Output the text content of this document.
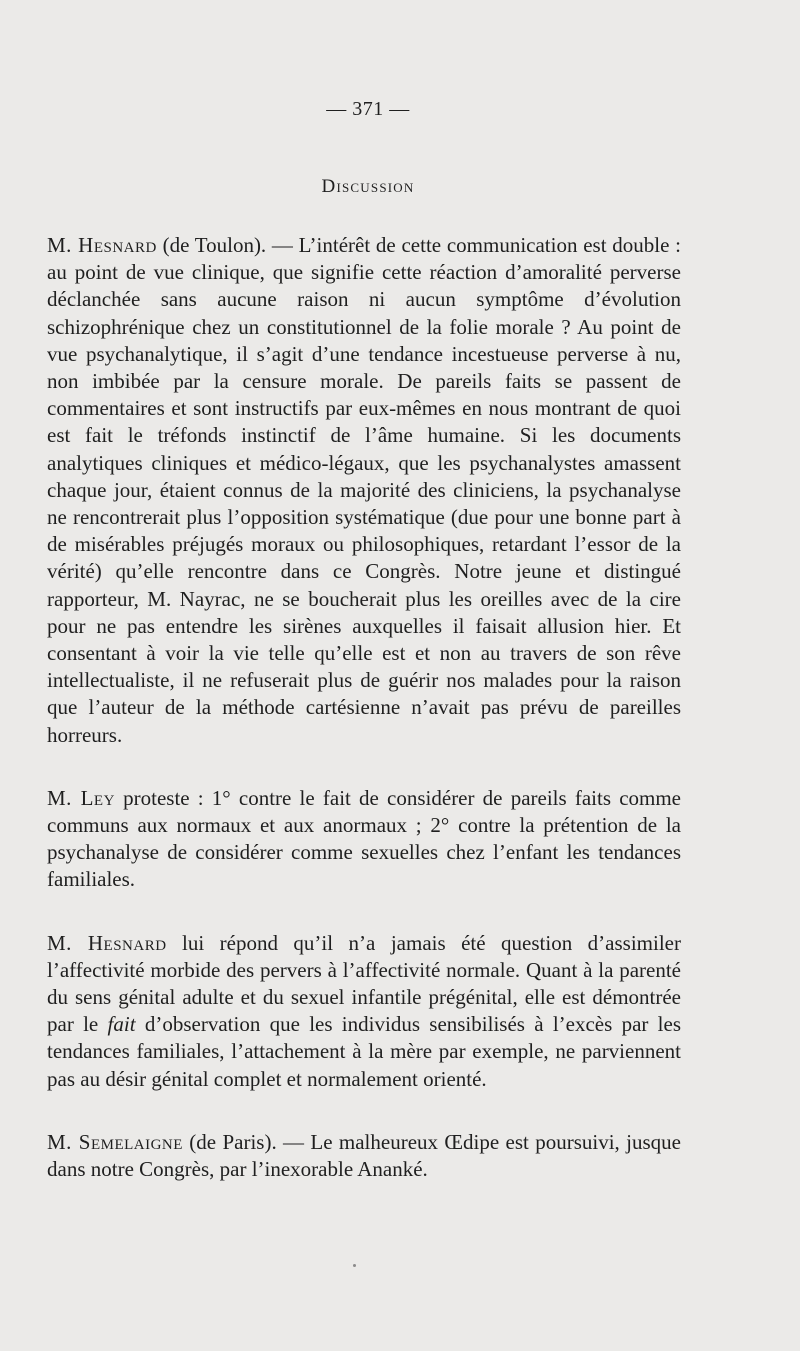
— 371 —
Discussion

M. Hesnard (de Toulon). — L’intérêt de cette communication est double : au point de vue clinique, que signifie cette réaction d’amoralité perverse déclanchée sans aucune raison ni aucun symptôme d’évolution schizophrénique chez un constitutionnel de la folie morale ? Au point de vue psychanalytique, il s’agit d’une tendance incestueuse perverse à nu, non imbibée par la censure morale. De pareils faits se passent de commentaires et sont instructifs par eux-mêmes en nous montrant de quoi est fait le tréfonds instinctif de l’âme humaine. Si les documents analytiques cliniques et médico-légaux, que les psychanalystes amassent chaque jour, étaient connus de la majorité des cliniciens, la psychanalyse ne rencontrerait plus l’opposition systématique (due pour une bonne part à de misérables préjugés moraux ou philosophiques, retardant l’essor de la vérité) qu’elle rencontre dans ce Congrès. Notre jeune et distingué rapporteur, M. Nayrac, ne se boucherait plus les oreilles avec de la cire pour ne pas entendre les sirènes auxquelles il faisait allusion hier. Et consentant à voir la vie telle qu’elle est et non au travers de son rêve intellectualiste, il ne refuserait plus de guérir nos malades pour la raison que l’auteur de la méthode cartésienne n’avait pas prévu de pareilles horreurs.

M. Ley proteste : 1° contre le fait de considérer de pareils faits comme communs aux normaux et aux anormaux ; 2° contre la prétention de la psychanalyse de considérer comme sexuelles chez l’enfant les tendances familiales.

M. Hesnard lui répond qu’il n’a jamais été question d’assimiler l’affectivité morbide des pervers à l’affectivité normale. Quant à la parenté du sens génital adulte et du sexuel infantile prégénital, elle est démontrée par le fait d’observation que les individus sensibilisés à l’excès par les tendances familiales, l’attachement à la mère par exemple, ne parviennent pas au désir génital complet et normalement orienté.

M. Semelaigne (de Paris). — Le malheureux Œdipe est poursuivi, jusque dans notre Congrès, par l’inexorable Ananké.
